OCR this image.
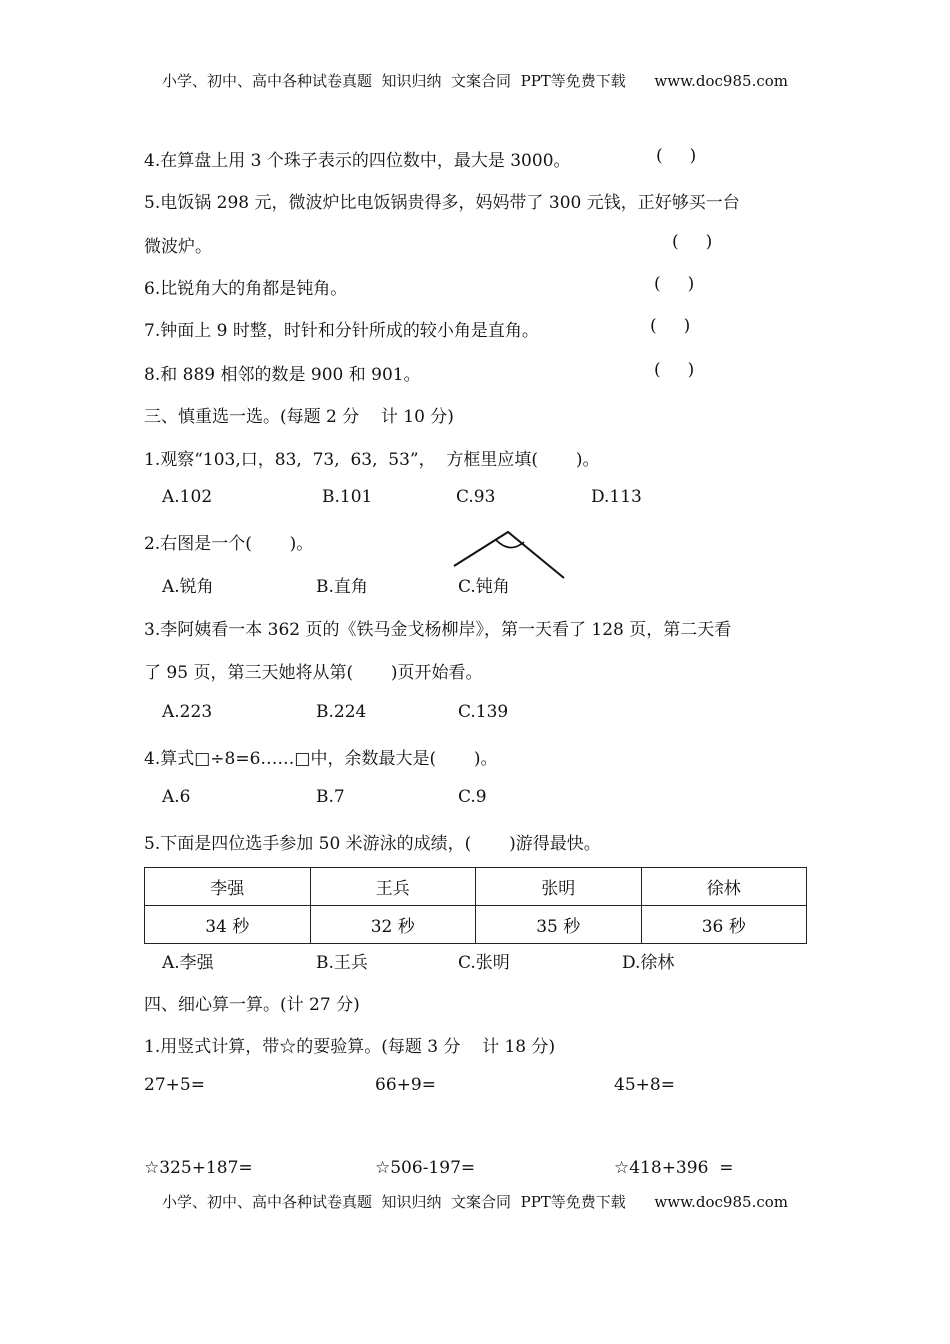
小学、初中、高中各种试卷真题  知识归纳  文案合同  PPT等免费下载      www.doc985.com
4.在算盘上用 3 个珠子表示的四位数中，最大是 3000。	(     )
5.电饭锅 298 元，微波炉比电饭锅贵得多，妈妈带了 300 元钱，正好够买一台
微波炉。	(     )
6.比锐角大的角都是钝角。	(     )
7.钟面上 9 时整，时针和分针所成的较小角是直角。	(     )
8.和 889 相邻的数是 900 和 901。	(     )
三、慎重选一选。(每题 2 分    计 10 分)
1.观察“103,口，83,  73,  63,  53”，  方框里应填(       )。
A.102	B.101	C.93	D.113
2.右图是一个(       )。
A.锐角	B.直角	C.钝角
3.李阿姨看一本 362 页的《铁马金戈杨柳岸》，第一天看了 128 页，第二天看
了 95 页，第三天她将从第(       )页开始看。
A.223	B.224	C.139
4.算式□÷8=6……□中，余数最大是(       )。
A.6	B.7	C.9
5.下面是四位选手参加 50 米游泳的成绩，(       )游得最快。
李强	王兵	张明	徐林
34 秒	32 秒	35 秒	36 秒
A.李强	B.王兵	C.张明	D.徐林
四、细心算一算。(计 27 分)
1.用竖式计算，带☆的要验算。(每题 3 分    计 18 分)
27+5=	66+9=	45+8=
☆325+187=	☆506-197=	☆418+396  =
小学、初中、高中各种试卷真题  知识归纳  文案合同  PPT等免费下载      www.doc985.com
